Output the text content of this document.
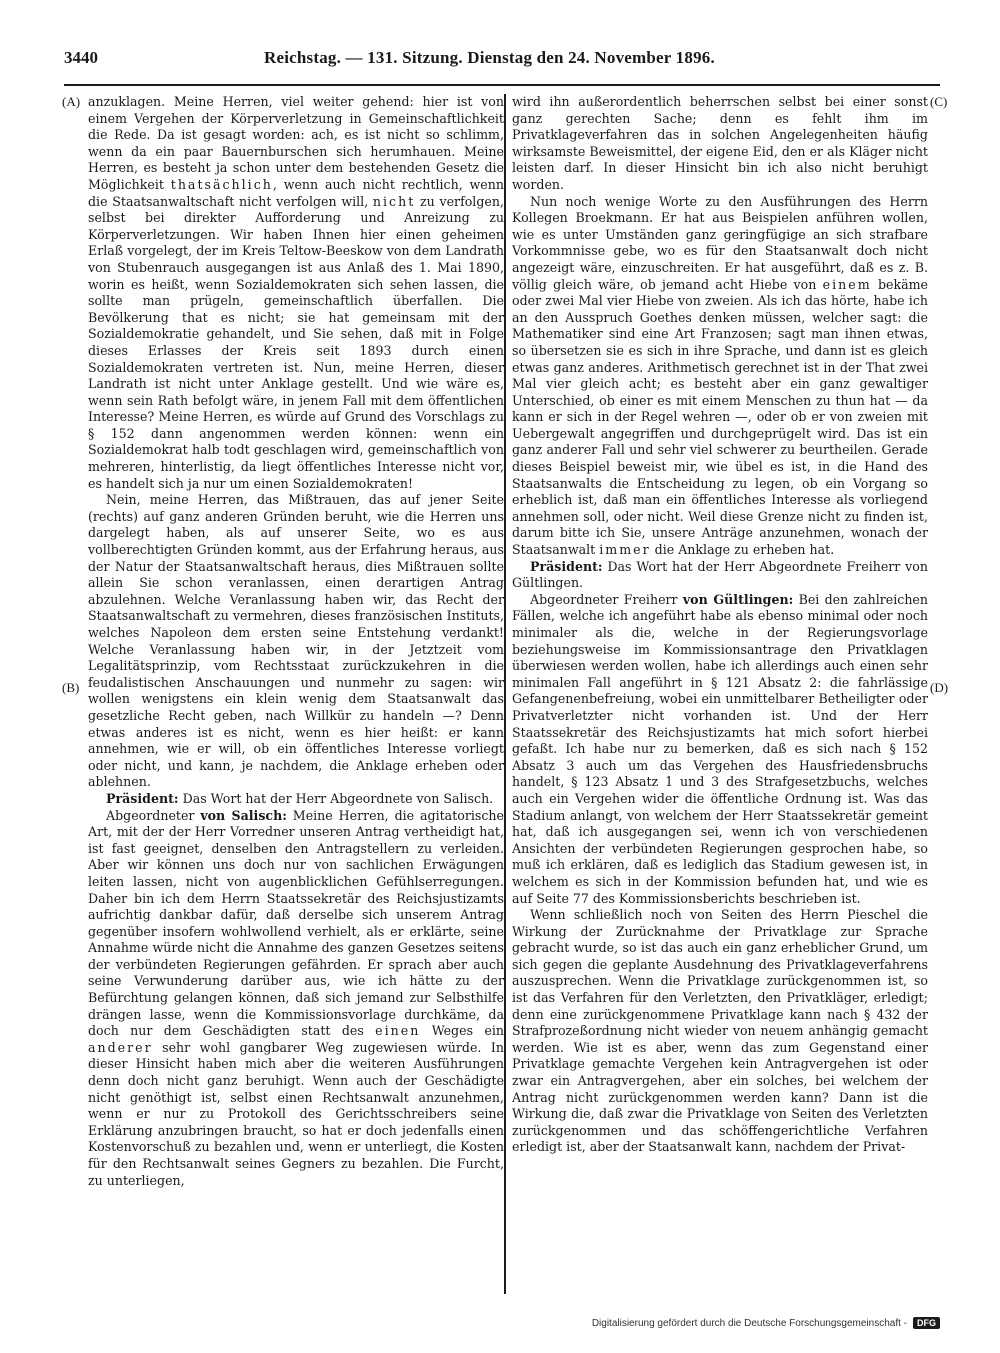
3440	Reichstag. — 131. Sitzung. Dienstag den 24. November 1896.
(A)
(B)
(C)
(D)

anzuklagen. Meine Herren, viel weiter gehend: hier ist von einem Vergehen der Körperverletzung in Gemeinschaftlichkeit die Rede. Da ist gesagt worden: ach, es ist nicht so schlimm, wenn da ein paar Bauernburschen sich herumhauen. Meine Herren, es besteht ja schon unter dem bestehenden Gesetz die Möglichkeit thatsächlich, wenn auch nicht rechtlich, wenn die Staatsanwaltschaft nicht verfolgen will, nicht zu verfolgen, selbst bei direkter Aufforderung und Anreizung zu Körperverletzungen. Wir haben Ihnen hier einen geheimen Erlaß vorgelegt, der im Kreis Teltow-Beeskow von dem Landrath von Stubenrauch ausgegangen ist aus Anlaß des 1. Mai 1890, worin es heißt, wenn Sozialdemokraten sich sehen lassen, die sollte man prügeln, gemeinschaftlich überfallen. Die Bevölkerung that es nicht; sie hat gemeinsam mit der Sozialdemokratie gehandelt, und Sie sehen, daß mit in Folge dieses Erlasses der Kreis seit 1893 durch einen Sozialdemokraten vertreten ist. Nun, meine Herren, dieser Landrath ist nicht unter Anklage gestellt. Und wie wäre es, wenn sein Rath befolgt wäre, in jenem Fall mit dem öffentlichen Interesse? Meine Herren, es würde auf Grund des Vorschlags zu § 152 dann angenommen werden können: wenn ein Sozialdemokrat halb todt geschlagen wird, gemeinschaftlich von mehreren, hinterlistig, da liegt öffentliches Interesse nicht vor, es handelt sich ja nur um einen Sozialdemokraten!

Nein, meine Herren, das Mißtrauen, das auf jener Seite (rechts) auf ganz anderen Gründen beruht, wie die Herren uns dargelegt haben, als auf unserer Seite, wo es aus vollberechtigten Gründen kommt, aus der Erfahrung heraus, aus der Natur der Staatsanwaltschaft heraus, dies Mißtrauen sollte allein Sie schon veranlassen, einen derartigen Antrag abzulehnen. Welche Veranlassung haben wir, das Recht der Staatsanwaltschaft zu vermehren, dieses französischen Instituts, welches Napoleon dem ersten seine Entstehung verdankt! Welche Veranlassung haben wir, in der Jetztzeit vom Legalitätsprinzip, vom Rechtsstaat zurückzukehren in die feudalistischen Anschauungen und nunmehr zu sagen: wir wollen wenigstens ein klein wenig dem Staatsanwalt das gesetzliche Recht geben, nach Willkür zu handeln —? Denn etwas anderes ist es nicht, wenn es hier heißt: er kann annehmen, wie er will, ob ein öffentliches Interesse vorliegt oder nicht, und kann, je nachdem, die Anklage erheben oder ablehnen.

Präsident: Das Wort hat der Herr Abgeordnete von Salisch.

Abgeordneter von Salisch: Meine Herren, die agitatorische Art, mit der der Herr Vorredner unseren Antrag vertheidigt hat, ist fast geeignet, denselben den Antragstellern zu verleiden. Aber wir können uns doch nur von sachlichen Erwägungen leiten lassen, nicht von augenblicklichen Gefühlserregungen. Daher bin ich dem Herrn Staatssekretär des Reichsjustizamts aufrichtig dankbar dafür, daß derselbe sich unserem Antrag gegenüber insofern wohlwollend verhielt, als er erklärte, seine Annahme würde nicht die Annahme des ganzen Gesetzes seitens der verbündeten Regierungen gefährden. Er sprach aber auch seine Verwunderung darüber aus, wie ich hätte zu der Befürchtung gelangen können, daß sich jemand zur Selbsthilfe drängen lasse, wenn die Kommissionsvorlage durchkäme, da doch nur dem Geschädigten statt des einen Weges ein anderer sehr wohl gangbarer Weg zugewiesen würde. In dieser Hinsicht haben mich aber die weiteren Ausführungen denn doch nicht ganz beruhigt. Wenn auch der Geschädigte nicht genöthigt ist, selbst einen Rechtsanwalt anzunehmen, wenn er nur zu Protokoll des Gerichtsschreibers seine Erklärung anzubringen braucht, so hat er doch jedenfalls einen Kostenvorschuß zu bezahlen und, wenn er unterliegt, die Kosten für den Rechtsanwalt seines Gegners zu bezahlen. Die Furcht, zu unterliegen,

wird ihn außerordentlich beherrschen selbst bei einer sonst ganz gerechten Sache; denn es fehlt ihm im Privatklageverfahren das in solchen Angelegenheiten häufig wirksamste Beweismittel, der eigene Eid, den er als Kläger nicht leisten darf. In dieser Hinsicht bin ich also nicht beruhigt worden.

Nun noch wenige Worte zu den Ausführungen des Herrn Kollegen Broekmann. Er hat aus Beispielen anführen wollen, wie es unter Umständen ganz geringfügige an sich strafbare Vorkommnisse gebe, wo es für den Staatsanwalt doch nicht angezeigt wäre, einzuschreiten. Er hat ausgeführt, daß es z. B. völlig gleich wäre, ob jemand acht Hiebe von einem bekäme oder zwei Mal vier Hiebe von zweien. Als ich das hörte, habe ich an den Ausspruch Goethes denken müssen, welcher sagt: die Mathematiker sind eine Art Franzosen; sagt man ihnen etwas, so übersetzen sie es sich in ihre Sprache, und dann ist es gleich etwas ganz anderes. Arithmetisch gerechnet ist in der That zwei Mal vier gleich acht; es besteht aber ein ganz gewaltiger Unterschied, ob einer es mit einem Menschen zu thun hat — da kann er sich in der Regel wehren —, oder ob er von zweien mit Uebergewalt angegriffen und durchgeprügelt wird. Das ist ein ganz anderer Fall und sehr viel schwerer zu beurtheilen. Gerade dieses Beispiel beweist mir, wie übel es ist, in die Hand des Staatsanwalts die Entscheidung zu legen, ob ein Vorgang so erheblich ist, daß man ein öffentliches Interesse als vorliegend annehmen soll, oder nicht. Weil diese Grenze nicht zu finden ist, darum bitte ich Sie, unsere Anträge anzunehmen, wonach der Staatsanwalt immer die Anklage zu erheben hat.

Präsident: Das Wort hat der Herr Abgeordnete Freiherr von Gültlingen.

Abgeordneter Freiherr von Gültlingen: Bei den zahlreichen Fällen, welche ich angeführt habe als ebenso minimal oder noch minimaler als die, welche in der Regierungsvorlage beziehungsweise im Kommissionsantrage den Privatklagen überwiesen werden wollen, habe ich allerdings auch einen sehr minimalen Fall angeführt in § 121 Absatz 2: die fahrlässige Gefangenenbefreiung, wobei ein unmittelbarer Betheiligter oder Privatverletzter nicht vorhanden ist. Und der Herr Staatssekretär des Reichsjustizamts hat mich sofort hierbei gefaßt. Ich habe nur zu bemerken, daß es sich nach § 152 Absatz 3 auch um das Vergehen des Hausfriedensbruchs handelt, § 123 Absatz 1 und 3 des Strafgesetzbuchs, welches auch ein Vergehen wider die öffentliche Ordnung ist. Was das Stadium anlangt, von welchem der Herr Staatssekretär gemeint hat, daß ich ausgegangen sei, wenn ich von verschiedenen Ansichten der verbündeten Regierungen gesprochen habe, so muß ich erklären, daß es lediglich das Stadium gewesen ist, in welchem es sich in der Kommission befunden hat, und wie es auf Seite 77 des Kommissionsberichts beschrieben ist.

Wenn schließlich noch von Seiten des Herrn Pieschel die Wirkung der Zurücknahme der Privatklage zur Sprache gebracht wurde, so ist das auch ein ganz erheblicher Grund, um sich gegen die geplante Ausdehnung des Privatklageverfahrens auszusprechen. Wenn die Privatklage zurückgenommen ist, so ist das Verfahren für den Verletzten, den Privatkläger, erledigt; denn eine zurückgenommene Privatklage kann nach § 432 der Strafprozeßordnung nicht wieder von neuem anhängig gemacht werden. Wie ist es aber, wenn das zum Gegenstand einer Privatklage gemachte Vergehen kein Antragvergehen ist oder zwar ein Antragvergehen, aber ein solches, bei welchem der Antrag nicht zurückgenommen werden kann? Dann ist die Wirkung die, daß zwar die Privatklage von Seiten des Verletzten zurückgenommen und das schöffengerichtliche Verfahren erledigt ist, aber der Staatsanwalt kann, nachdem der Privat-

Digitalisierung gefördert durch die Deutsche Forschungsgemeinschaft -	DFG
